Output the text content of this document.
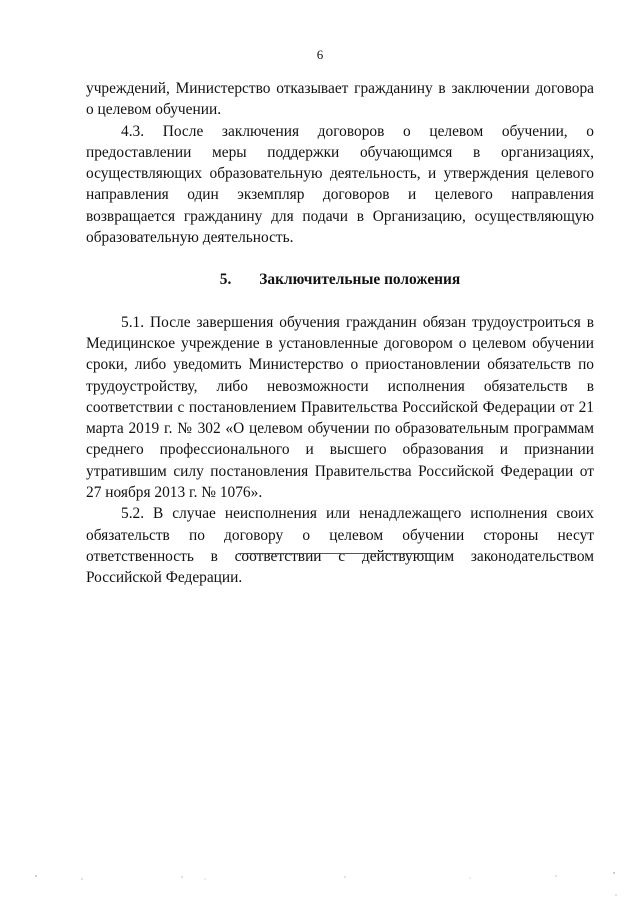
6

учреждений, Министерство отказывает гражданину в заключении договора о целевом обучении.

4.3. После заключения договоров о целевом обучении, о предоставлении меры поддержки обучающимся в организациях, осуществляющих образовательную деятельность, и утверждения целевого направления один экземпляр договоров и целевого направления возвращается гражданину для подачи в Организацию, осуществляющую образовательную деятельность.

5. Заключительные положения

5.1. После завершения обучения гражданин обязан трудоустроиться в Медицинское учреждение в установленные договором о целевом обучении сроки, либо уведомить Министерство о приостановлении обязательств по трудоустройству, либо невозможности исполнения обязательств в соответствии с постановлением Правительства Российской Федерации от 21 марта 2019 г. № 302 «О целевом обучении по образовательным программам среднего профессионального и высшего образования и признании утратившим силу постановления Правительства Российской Федерации от 27 ноября 2013 г. № 1076».

5.2. В случае неисполнения или ненадлежащего исполнения своих обязательств по договору о целевом обучении стороны несут ответственность в соответствии с действующим законодательством Российской Федерации.
